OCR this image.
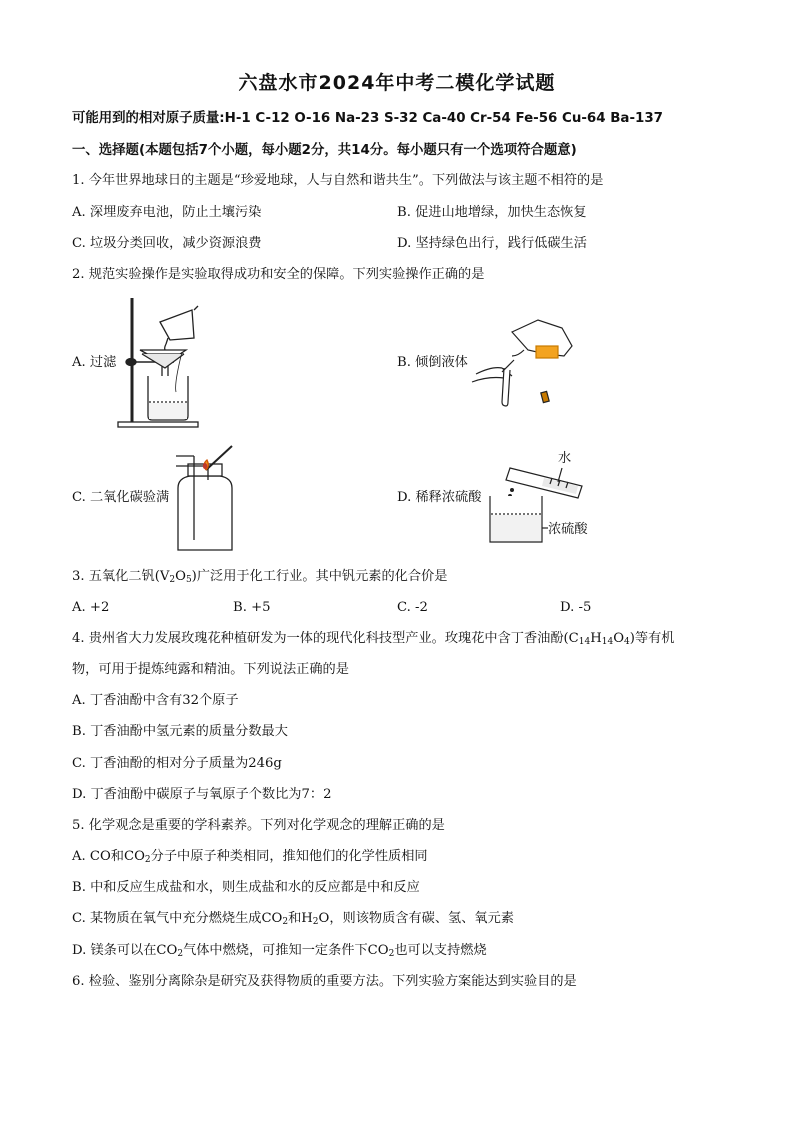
六盘水市2024年中考二模化学试题
可能用到的相对原子质量:H-1 C-12 O-16 Na-23 S-32 Ca-40 Cr-54 Fe-56 Cu-64 Ba-137
一、选择题(本题包括7个小题，每小题2分，共14分。每小题只有一个选项符合题意)
1. 今年世界地球日的主题是“珍爱地球，人与自然和谐共生”。下列做法与该主题不相符的是
A. 深埋废弃电池，防止土壤污染	B. 促进山地增绿，加快生态恢复
C. 垃圾分类回收，减少资源浪费	D. 坚持绿色出行，践行低碳生活
2. 规范实验操作是实验取得成功和安全的保障。下列实验操作正确的是
A. 过滤	B. 倾倒液体
C. 二氧化碳验满	D. 稀释浓硫酸
水
浓硫酸
3. 五氧化二钒$(V_2O_5)$广泛用于化工行业。其中钒元素的化合价是
A. +2	B. +5	C. -2	D. -5
4. 贵州省大力发展玫瑰花种植研发为一体的现代化科技型产业。玫瑰花中含丁香油酚$(C_{14}H_{14}O_4)$等有机
物，可用于提炼纯露和精油。下列说法正确的是
A. 丁香油酚中含有32个原子
B. 丁香油酚中氢元素的质量分数最大
C. 丁香油酚的相对分子质量为246g
D. 丁香油酚中碳原子与氧原子个数比为7：2
5. 化学观念是重要的学科素养。下列对化学观念的理解正确的是
A. CO和$CO_2$分子中原子种类相同，推知他们的化学性质相同
B. 中和反应生成盐和水，则生成盐和水的反应都是中和反应
C. 某物质在氧气中充分燃烧生成$CO_2$和$H_2O$，则该物质含有碳、氢、氧元素
D. 镁条可以在$CO_2$气体中燃烧，可推知一定条件下$CO_2$也可以支持燃烧
6. 检验、鉴别分离除杂是研究及获得物质的重要方法。下列实验方案能达到实验目的是
